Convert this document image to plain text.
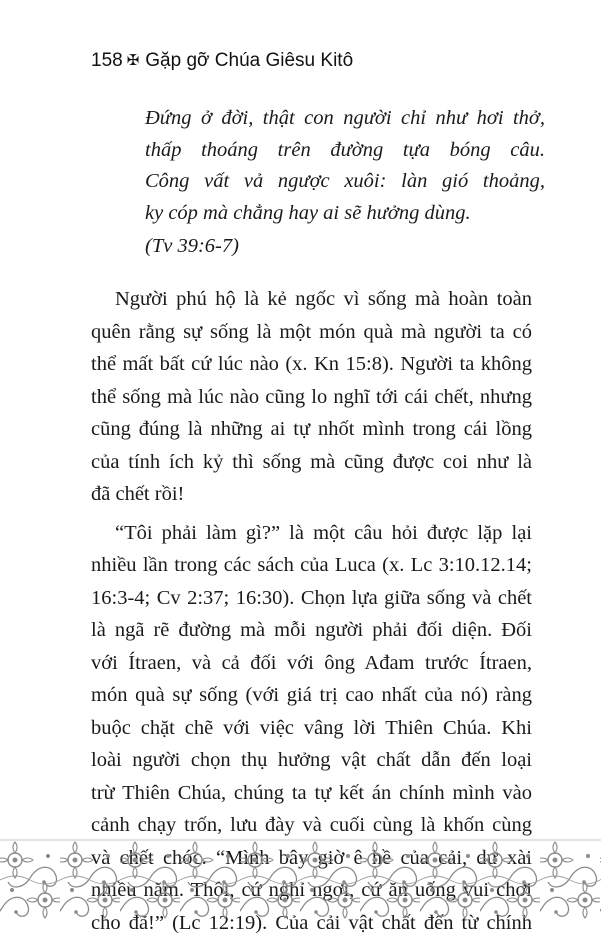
158 ✠ Gặp gỡ Chúa Giêsu Kitô
Đứng ở đời, thật con người chỉ như hơi thở,
thấp thoáng trên đường tựa bóng câu.
Công vất vả ngược xuôi: làn gió thoảng,
ky cóp mà chẳng hay ai sẽ hưởng dùng.
(Tv 39:6-7)
Người phú hộ là kẻ ngốc vì sống mà hoàn toàn
quên rằng sự sống là một món quà mà người ta có
thể mất bất cứ lúc nào (x. Kn 15:8). Người ta không
thể sống mà lúc nào cũng lo nghĩ tới cái chết, nhưng
cũng đúng là những ai tự nhốt mình trong cái lồng
của tính ích kỷ thì sống mà cũng được coi như là
đã chết rồi!
“Tôi phải làm gì?” là một câu hỏi được lặp lại
nhiều lần trong các sách của Luca (x. Lc 3:10.12.14;
16:3-4; Cv 2:37; 16:30). Chọn lựa giữa sống và chết
là ngã rẽ đường mà mỗi người phải đối diện. Đối
với Ítraen, và cả đối với ông Ađam trước Ítraen,
món quà sự sống (với giá trị cao nhất của nó) ràng
buộc chặt chẽ với việc vâng lời Thiên Chúa. Khi
loài người chọn thụ hưởng vật chất dẫn đến loại
trừ Thiên Chúa, chúng ta tự kết án chính mình vào
cảnh chạy trốn, lưu đày và cuối cùng là khốn cùng
